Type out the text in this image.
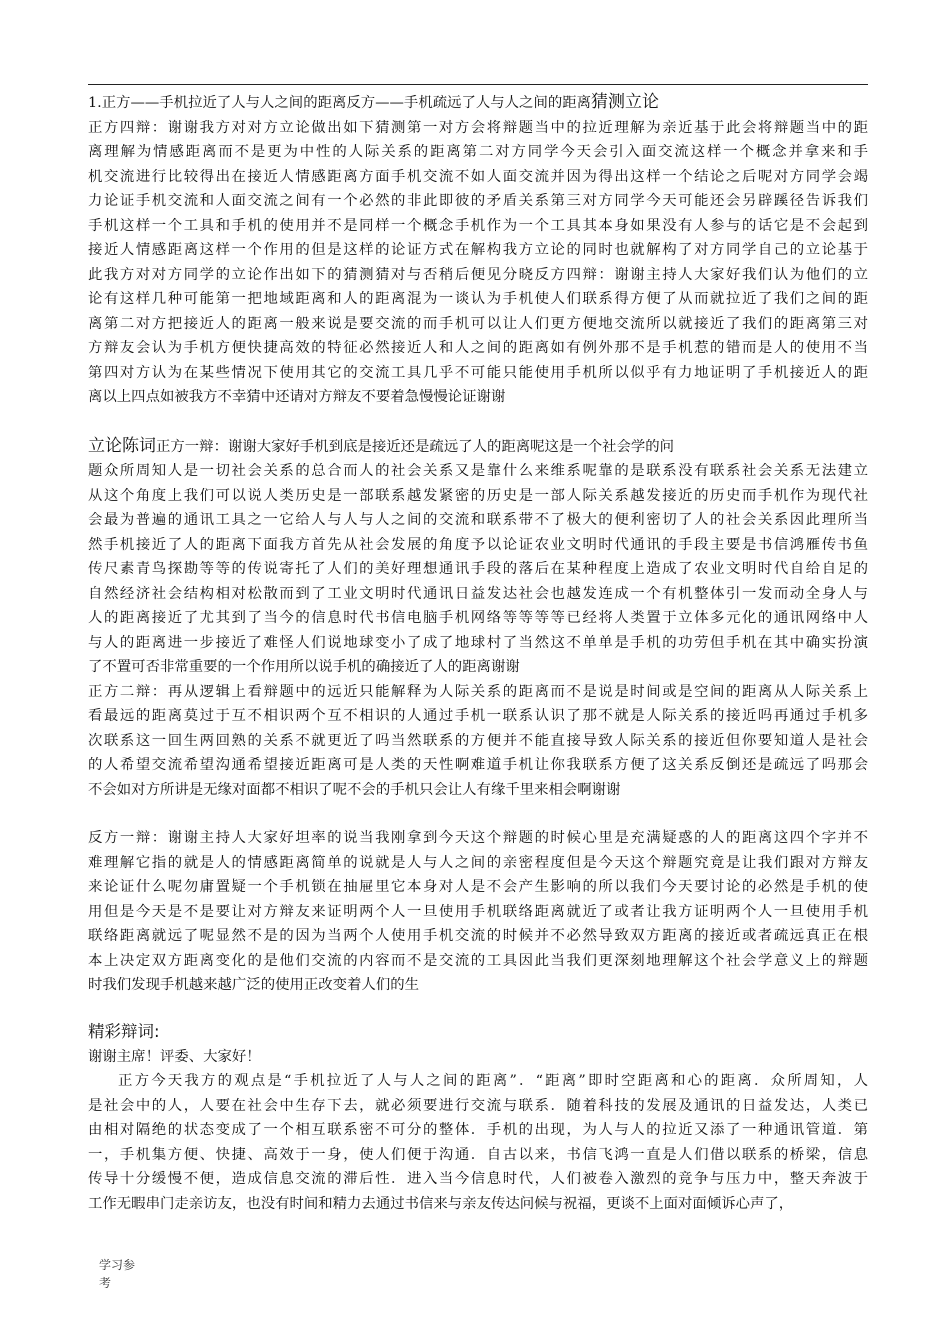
1.正方——手机拉近了人与人之间的距离反方——手机疏远了人与人之间的距离猜测立论
正方四辩：谢谢我方对对方立论做出如下猜测第一对方会将辩题当中的拉近理解为亲近基于此会将辩题当中的距
离理解为情感距离而不是更为中性的人际关系的距离第二对方同学今天会引入面交流这样一个概念并拿来和手
机交流进行比较得出在接近人情感距离方面手机交流不如人面交流并因为得出这样一个结论之后呢对方同学会竭
力论证手机交流和人面交流之间有一个必然的非此即彼的矛盾关系第三对方同学今天可能还会另辟蹊径告诉我们
手机这样一个工具和手机的使用并不是同样一个概念手机作为一个工具其本身如果没有人参与的话它是不会起到
接近人情感距离这样一个作用的但是这样的论证方式在解构我方立论的同时也就解构了对方同学自己的立论基于
此我方对对方同学的立论作出如下的猜测猜对与否稍后便见分晓反方四辩：谢谢主持人大家好我们认为他们的立
论有这样几种可能第一把地域距离和人的距离混为一谈认为手机使人们联系得方便了从而就拉近了我们之间的距
离第二对方把接近人的距离一般来说是要交流的而手机可以让人们更方便地交流所以就接近了我们的距离第三对
方辩友会认为手机方便快捷高效的特征必然接近人和人之间的距离如有例外那不是手机惹的错而是人的使用不当
第四对方认为在某些情况下使用其它的交流工具几乎不可能只能使用手机所以似乎有力地证明了手机接近人的距
离以上四点如被我方不幸猜中还请对方辩友不要着急慢慢论证谢谢
立论陈词正方一辩：谢谢大家好手机到底是接近还是疏远了人的距离呢这是一个社会学的问
题众所周知人是一切社会关系的总合而人的社会关系又是靠什么来维系呢靠的是联系没有联系社会关系无法建立
从这个角度上我们可以说人类历史是一部联系越发紧密的历史是一部人际关系越发接近的历史而手机作为现代社
会最为普遍的通讯工具之一它给人与人与人之间的交流和联系带不了极大的便利密切了人的社会关系因此理所当
然手机接近了人的距离下面我方首先从社会发展的角度予以论证农业文明时代通讯的手段主要是书信鸿雁传书鱼
传尺素青鸟探勘等等的传说寄托了人们的美好理想通讯手段的落后在某种程度上造成了农业文明时代自给自足的
自然经济社会结构相对松散而到了工业文明时代通讯日益发达社会也越发连成一个有机整体引一发而动全身人与
人的距离接近了尤其到了当今的信息时代书信电脑手机网络等等等等已经将人类置于立体多元化的通讯网络中人
与人的距离进一步接近了难怪人们说地球变小了成了地球村了当然这不单单是手机的功劳但手机在其中确实扮演
了不置可否非常重要的一个作用所以说手机的确接近了人的距离谢谢
正方二辩：再从逻辑上看辩题中的远近只能解释为人际关系的距离而不是说是时间或是空间的距离从人际关系上
看最远的距离莫过于互不相识两个互不相识的人通过手机一联系认识了那不就是人际关系的接近吗再通过手机多
次联系这一回生两回熟的关系不就更近了吗当然联系的方便并不能直接导致人际关系的接近但你要知道人是社会
的人希望交流希望沟通希望接近距离可是人类的天性啊难道手机让你我联系方便了这关系反倒还是疏远了吗那会
不会如对方所讲是无缘对面都不相识了呢不会的手机只会让人有缘千里来相会啊谢谢
反方一辩：谢谢主持人大家好坦率的说当我刚拿到今天这个辩题的时候心里是充满疑惑的人的距离这四个字并不
难理解它指的就是人的情感距离简单的说就是人与人之间的亲密程度但是今天这个辩题究竟是让我们跟对方辩友
来论证什么呢勿庸置疑一个手机锁在抽屉里它本身对人是不会产生影响的所以我们今天要讨论的必然是手机的使
用但是今天是不是要让对方辩友来证明两个人一旦使用手机联络距离就近了或者让我方证明两个人一旦使用手机
联络距离就远了呢显然不是的因为当两个人使用手机交流的时候并不必然导致双方距离的接近或者疏远真正在根
本上决定双方距离变化的是他们交流的内容而不是交流的工具因此当我们更深刻地理解这个社会学意义上的辩题
时我们发现手机越来越广泛的使用正改变着人们的生
精彩辩词:
谢谢主席！评委、大家好！
正方今天我方的观点是“手机拉近了人与人之间的距离”．“距离”即时空距离和心的距离．众所周知，人
是社会中的人，人要在社会中生存下去，就必须要进行交流与联系．随着科技的发展及通讯的日益发达，人类已
由相对隔绝的状态变成了一个相互联系密不可分的整体．手机的出现，为人与人的拉近又添了一种通讯管道．第
一，手机集方便、快捷、高效于一身，使人们便于沟通．自古以来，书信飞鸿一直是人们借以联系的桥梁，信息
传导十分缓慢不便，造成信息交流的滞后性．进入当今信息时代，人们被卷入激烈的竞争与压力中，整天奔波于
工作无暇串门走亲访友，也没有时间和精力去通过书信来与亲友传达问候与祝福，更谈不上面对面倾诉心声了，
学习参
考
